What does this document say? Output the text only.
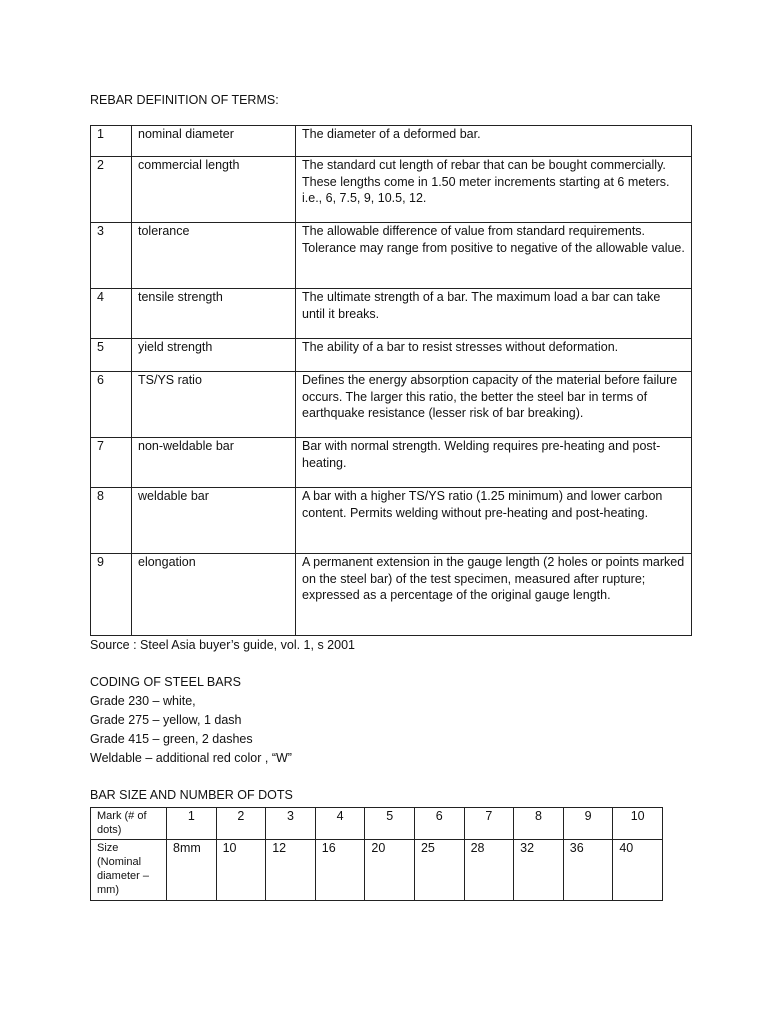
REBAR DEFINITION OF TERMS:
1	nominal diameter	The diameter of a deformed bar.
2	commercial length	The standard cut length of rebar that can be bought commercially. These lengths come in 1.50 meter increments starting at 6 meters. i.e., 6, 7.5, 9, 10.5, 12.
3	tolerance	The allowable difference of value from standard requirements. Tolerance may range from positive to negative of the allowable value.
4	tensile strength	The ultimate strength of a bar. The maximum load a bar can take until it breaks.
5	yield strength	The ability of a bar to resist stresses without deformation.
6	TS/YS ratio	Defines the energy absorption capacity of the material before failure occurs. The larger this ratio, the better the steel bar in terms of earthquake resistance (lesser risk of bar breaking).
7	non-weldable bar	Bar with normal strength. Welding requires pre-heating and post-heating.
8	weldable bar	A bar with a higher TS/YS ratio (1.25 minimum) and lower carbon content. Permits welding without pre-heating and post-heating.
9	elongation	A permanent extension in the gauge length (2 holes or points marked on the steel bar) of the test specimen, measured after rupture; expressed as a percentage of the original gauge length.
Source : Steel Asia buyer’s guide, vol. 1, s 2001
CODING OF STEEL BARS
Grade 230 – white,
Grade 275 – yellow, 1 dash
Grade 415 – green, 2 dashes
Weldable – additional red color , “W”
BAR SIZE AND NUMBER OF DOTS
Mark (# of dots)	1	2	3	4	5	6	7	8	9	10
Size (Nominal diameter – mm)	8mm	10	12	16	20	25	28	32	36	40
